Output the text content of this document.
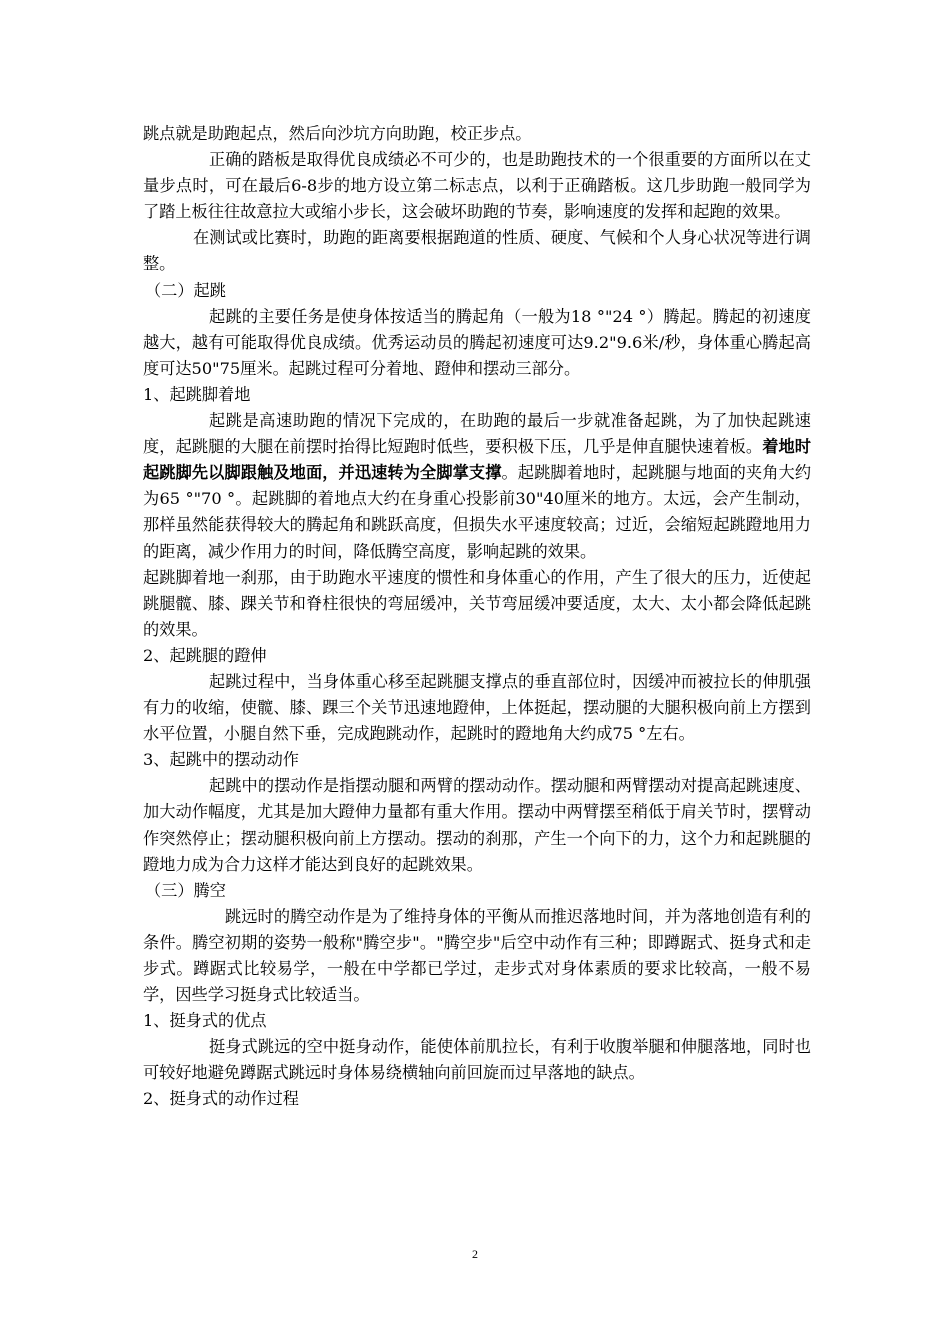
跳点就是助跑起点，然后向沙坑方向助跑，校正步点。

正确的踏板是取得优良成绩必不可少的，也是助跑技术的一个很重要的方面所以在丈量步点时，可在最后6-8步的地方设立第二标志点，以利于正确踏板。这几步助跑一般同学为了踏上板往往故意拉大或缩小步长，这会破坏助跑的节奏，影响速度的发挥和起跑的效果。

在测试或比赛时，助跑的距离要根据跑道的性质、硬度、气候和个人身心状况等进行调整。

（二）起跳

起跳的主要任务是使身体按适当的腾起角（一般为18 °"24 °）腾起。腾起的初速度越大，越有可能取得优良成绩。优秀运动员的腾起初速度可达9.2"9.6米/秒，身体重心腾起高度可达50"75厘米。起跳过程可分着地、蹬伸和摆动三部分。

1、起跳脚着地

起跳是高速助跑的情况下完成的，在助跑的最后一步就准备起跳，为了加快起跳速度，起跳腿的大腿在前摆时抬得比短跑时低些，要积极下压，几乎是伸直腿快速着板。着地时起跳脚先以脚跟触及地面，并迅速转为全脚掌支撑。起跳脚着地时，起跳腿与地面的夹角大约为65 °"70 °。起跳脚的着地点大约在身重心投影前30"40厘米的地方。太远，会产生制动，那样虽然能获得较大的腾起角和跳跃高度，但损失水平速度较高；过近，会缩短起跳蹬地用力的距离，减少作用力的时间，降低腾空高度，影响起跳的效果。

起跳脚着地一刹那，由于助跑水平速度的惯性和身体重心的作用，产生了很大的压力，近使起跳腿髋、膝、踝关节和脊柱很快的弯屈缓冲，关节弯屈缓冲要适度，太大、太小都会降低起跳的效果。

2、起跳腿的蹬伸

起跳过程中，当身体重心移至起跳腿支撑点的垂直部位时，因缓冲而被拉长的伸肌强有力的收缩，使髋、膝、踝三个关节迅速地蹬伸，上体挺起，摆动腿的大腿积极向前上方摆到水平位置，小腿自然下垂，完成跑跳动作，起跳时的蹬地角大约成75 °左右。

3、起跳中的摆动动作

起跳中的摆动作是指摆动腿和两臂的摆动动作。摆动腿和两臂摆动对提高起跳速度、加大动作幅度，尤其是加大蹬伸力量都有重大作用。摆动中两臂摆至稍低于肩关节时，摆臂动作突然停止；摆动腿积极向前上方摆动。摆动的刹那，产生一个向下的力，这个力和起跳腿的蹬地力成为合力这样才能达到良好的起跳效果。

（三）腾空

跳远时的腾空动作是为了维持身体的平衡从而推迟落地时间，并为落地创造有利的条件。腾空初期的姿势一般称"腾空步"。"腾空步"后空中动作有三种；即蹲踞式、挺身式和走步式。蹲踞式比较易学，一般在中学都已学过，走步式对身体素质的要求比较高，一般不易学，因些学习挺身式比较适当。

1、挺身式的优点

挺身式跳远的空中挺身动作，能使体前肌拉长，有利于收腹举腿和伸腿落地，同时也可较好地避免蹲踞式跳远时身体易绕横轴向前回旋而过早落地的缺点。

2、挺身式的动作过程

2
